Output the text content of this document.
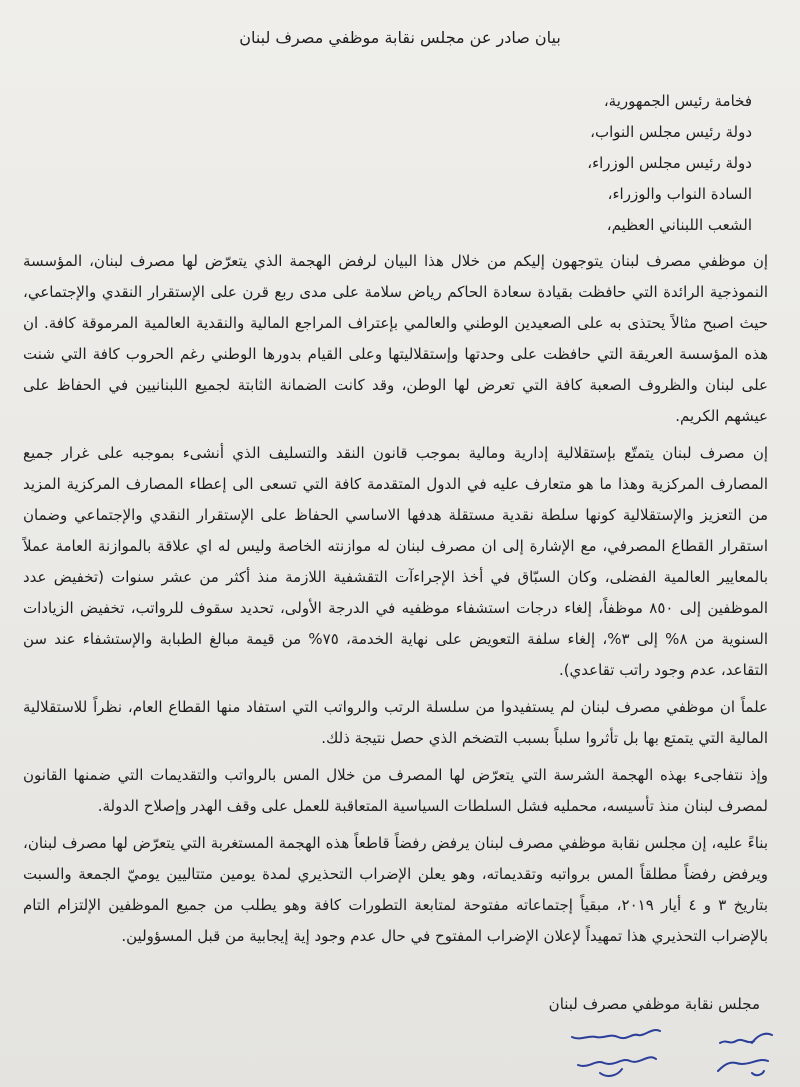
بيان صادر عن مجلس نقابة موظفي مصرف لبنان
فخامة رئيس الجمهورية،
دولة رئيس مجلس النواب،
دولة رئيس مجلس الوزراء،
السادة النواب والوزراء،
الشعب اللبناني العظيم،

إن موظفي مصرف لبنان يتوجهون إليكم من خلال هذا البيان لرفض الهجمة الذي يتعرّض لها مصرف لبنان، المؤسسة النموذجية الرائدة التي حافظت بقيادة سعادة الحاكم رياض سلامة على مدى ربع قرن على الإستقرار النقدي والإجتماعي، حيث اصبح مثالاً يحتذى به على الصعيدين الوطني والعالمي بإعتراف المراجع المالية والنقدية العالمية المرموقة كافة. ان هذه المؤسسة العريقة التي حافظت على وحدتها وإستقلاليتها وعلى القيام بدورها الوطني رغم الحروب كافة التي شنت على لبنان والظروف الصعبة كافة التي تعرض لها الوطن، وقد كانت الضمانة الثابتة لجميع اللبنانيين في الحفاظ على عيشهم الكريم.

إن مصرف لبنان يتمتّع بإستقلالية إدارية ومالية بموجب قانون النقد والتسليف الذي أنشىء بموجبه على غرار جميع المصارف المركزية وهذا ما هو متعارف عليه في الدول المتقدمة كافة التي تسعى الى إعطاء المصارف المركزية المزيد من التعزيز والإستقلالية كونها سلطة نقدية مستقلة هدفها الاساسي الحفاظ على الإستقرار النقدي والإجتماعي وضمان استقرار القطاع المصرفي، مع الإشارة إلى ان مصرف لبنان له موازنته الخاصة وليس له اي علاقة بالموازنة العامة عملاً بالمعايير العالمية الفضلى، وكان السبّاق في أخذ الإجراءآت التقشفية اللازمة منذ أكثر من عشر سنوات (تخفيض عدد الموظفين إلى ٨٥٠ موظفاً، إلغاء درجات استشفاء موظفيه في الدرجة الأولى، تحديد سقوف للرواتب، تخفيض الزيادات السنوية من ٨% إلى ٣%، إلغاء سلفة التعويض على نهاية الخدمة، ٧٥% من قيمة مبالغ الطبابة والإستشفاء عند سن التقاعد، عدم وجود راتب تقاعدي).

علماً ان موظفي مصرف لبنان لم يستفيدوا من سلسلة الرتب والرواتب التي استفاد منها القطاع العام، نظراً للاستقلالية المالية التي يتمتع بها بل تأثروا سلباً بسبب التضخم الذي حصل نتيجة ذلك.

وإذ نتفاجىء بهذه الهجمة الشرسة التي يتعرّض لها المصرف من خلال المس بالرواتب والتقديمات التي ضمنها القانون لمصرف لبنان منذ تأسيسه، محمليه فشل السلطات السياسية المتعاقبة للعمل على وقف الهدر وإصلاح الدولة.

بناءً عليه، إن مجلس نقابة موظفي مصرف لبنان يرفض رفضاً قاطعاً هذه الهجمة المستغربة التي يتعرّض لها مصرف لبنان، ويرفض رفضاً مطلقاً المس برواتبه وتقديماته، وهو يعلن الإضراب التحذيري لمدة يومين متتاليين يوميّ الجمعة والسبت بتاريخ ٣ و ٤ أيار ٢٠١٩، مبقياً إجتماعاته مفتوحة لمتابعة التطورات كافة وهو يطلب من جميع الموظفين الإلتزام التام بالإضراب التحذيري هذا تمهيداً لإعلان الإضراب المفتوح في حال عدم وجود إية إيجابية من قبل المسؤولين.

مجلس نقابة موظفي مصرف لبنان
